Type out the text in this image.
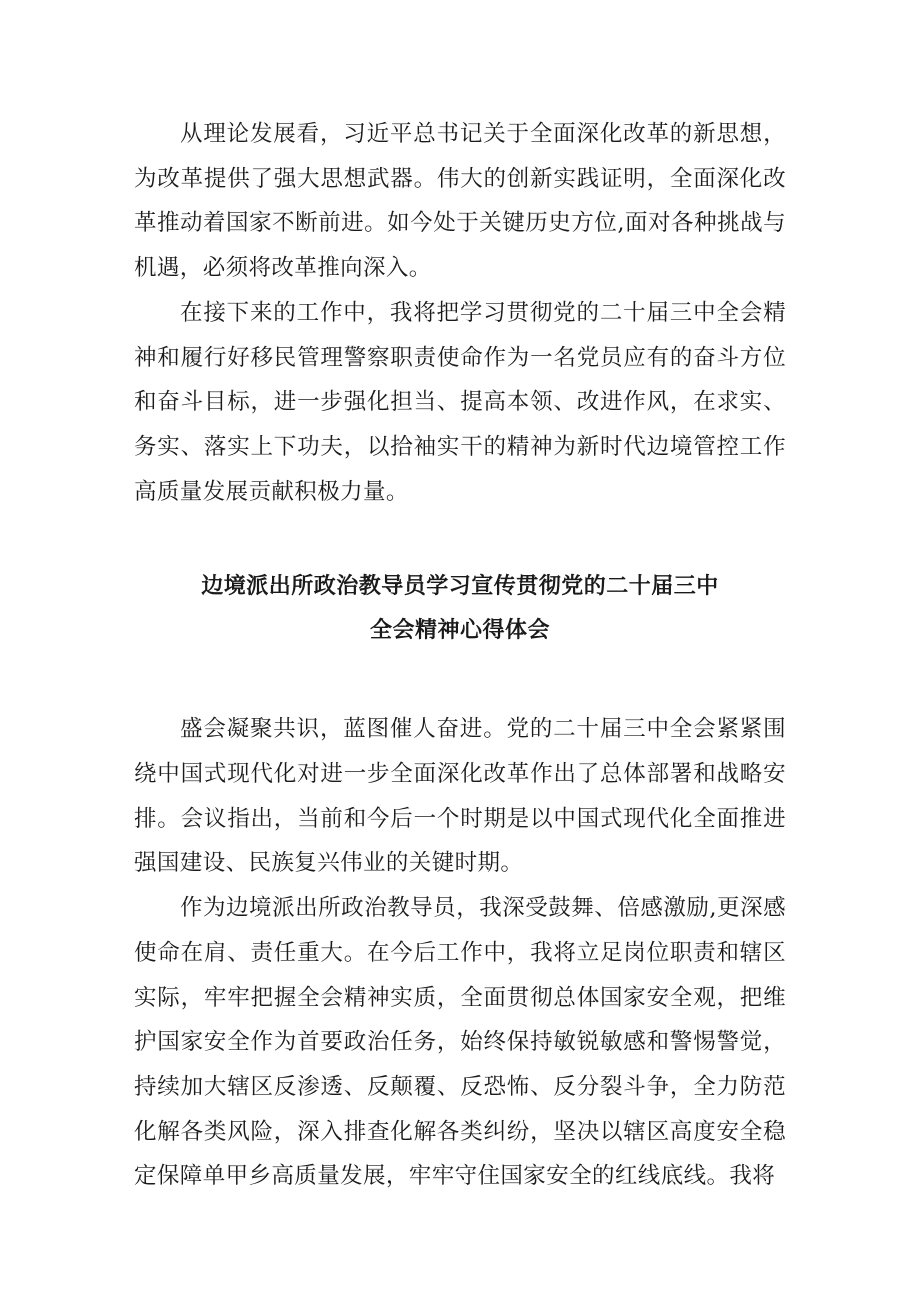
从理论发展看，习近平总书记关于全面深化改革的新思想，为改革提供了强大思想武器。伟大的创新实践证明，全面深化改革推动着国家不断前进。如今处于关键历史方位,面对各种挑战与机遇，必须将改革推向深入。

在接下来的工作中，我将把学习贯彻党的二十届三中全会精神和履行好移民管理警察职责使命作为一名党员应有的奋斗方位和奋斗目标，进一步强化担当、提高本领、改进作风，在求实、务实、落实上下功夫，以拾袖实干的精神为新时代边境管控工作高质量发展贡献积极力量。

边境派出所政治教导员学习宣传贯彻党的二十届三中

全会精神心得体会

盛会凝聚共识，蓝图催人奋进。党的二十届三中全会紧紧围绕中国式现代化对进一步全面深化改革作出了总体部署和战略安排。会议指出，当前和今后一个时期是以中国式现代化全面推进强国建设、民族复兴伟业的关键时期。

作为边境派出所政治教导员，我深受鼓舞、倍感激励,更深感使命在肩、责任重大。在今后工作中，我将立足岗位职责和辖区实际，牢牢把握全会精神实质，全面贯彻总体国家安全观，把维护国家安全作为首要政治任务，始终保持敏锐敏感和警惕警觉，持续加大辖区反渗透、反颠覆、反恐怖、反分裂斗争，全力防范化解各类风险，深入排查化解各类纠纷，坚决以辖区高度安全稳定保障单甲乡高质量发展，牢牢守住国家安全的红线底线。我将
